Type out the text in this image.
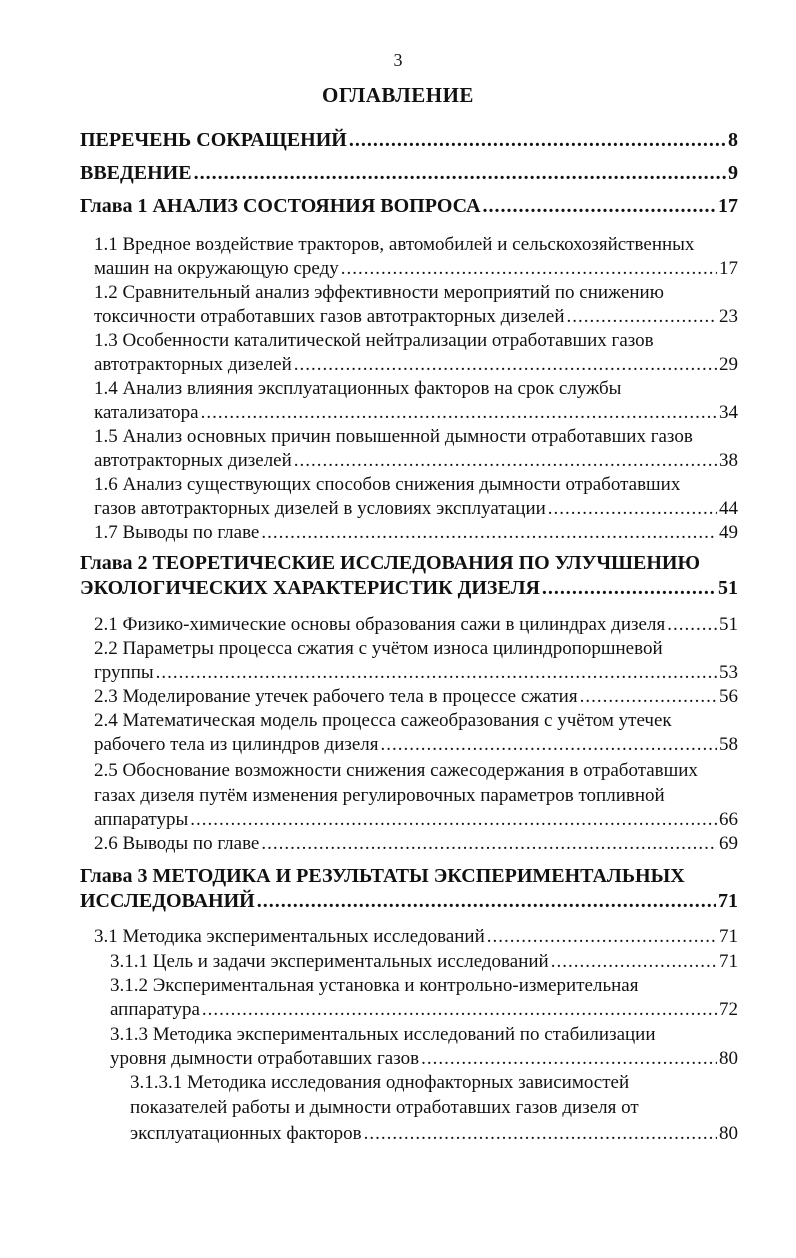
3
ОГЛАВЛЕНИЕ
ПЕРЕЧЕНЬ СОКРАЩЕНИЙ .....	8
ВВЕДЕНИЕ .....	9
Глава 1 АНАЛИЗ СОСТОЯНИЯ ВОПРОСА .....	17
1.1 Вредное воздействие тракторов, автомобилей и сельскохозяйственных
машин на окружающую среду .....	17
1.2 Сравнительный анализ эффективности мероприятий по снижению
токсичности отработавших газов автотракторных дизелей .....	23
1.3 Особенности каталитической нейтрализации отработавших газов
автотракторных дизелей .....	29
1.4 Анализ влияния эксплуатационных факторов на срок службы
катализатора .....	34
1.5 Анализ основных причин повышенной дымности отработавших газов
автотракторных дизелей .....	38
1.6 Анализ существующих способов снижения дымности отработавших
газов автотракторных дизелей в условиях эксплуатации .....	44
1.7 Выводы по главе .....	49
Глава 2 ТЕОРЕТИЧЕСКИЕ ИССЛЕДОВАНИЯ ПО УЛУЧШЕНИЮ
ЭКОЛОГИЧЕСКИХ ХАРАКТЕРИСТИК ДИЗЕЛЯ .....	51
2.1 Физико-химические основы образования сажи в цилиндрах дизеля .....	51
2.2 Параметры процесса сжатия с учётом износа цилиндропоршневой
группы .....	53
2.3 Моделирование утечек рабочего тела в процессе сжатия .....	56
2.4 Математическая модель процесса сажеобразования с учётом утечек
рабочего тела из цилиндров дизеля .....	58
2.5 Обоснование возможности снижения сажесодержания в отработавших
газах дизеля путём изменения регулировочных параметров топливной
аппаратуры .....	66
2.6 Выводы по главе .....	69
Глава 3 МЕТОДИКА И РЕЗУЛЬТАТЫ ЭКСПЕРИМЕНТАЛЬНЫХ
ИССЛЕДОВАНИЙ .....	71
3.1 Методика экспериментальных исследований .....	71
3.1.1 Цель и задачи экспериментальных исследований .....	71
3.1.2 Экспериментальная установка и контрольно-измерительная
аппаратура .....	72
3.1.3 Методика экспериментальных исследований по стабилизации
уровня дымности отработавших газов .....	80
3.1.3.1 Методика исследования однофакторных зависимостей
показателей работы и дымности отработавших газов дизеля от
эксплуатационных факторов .....	80
